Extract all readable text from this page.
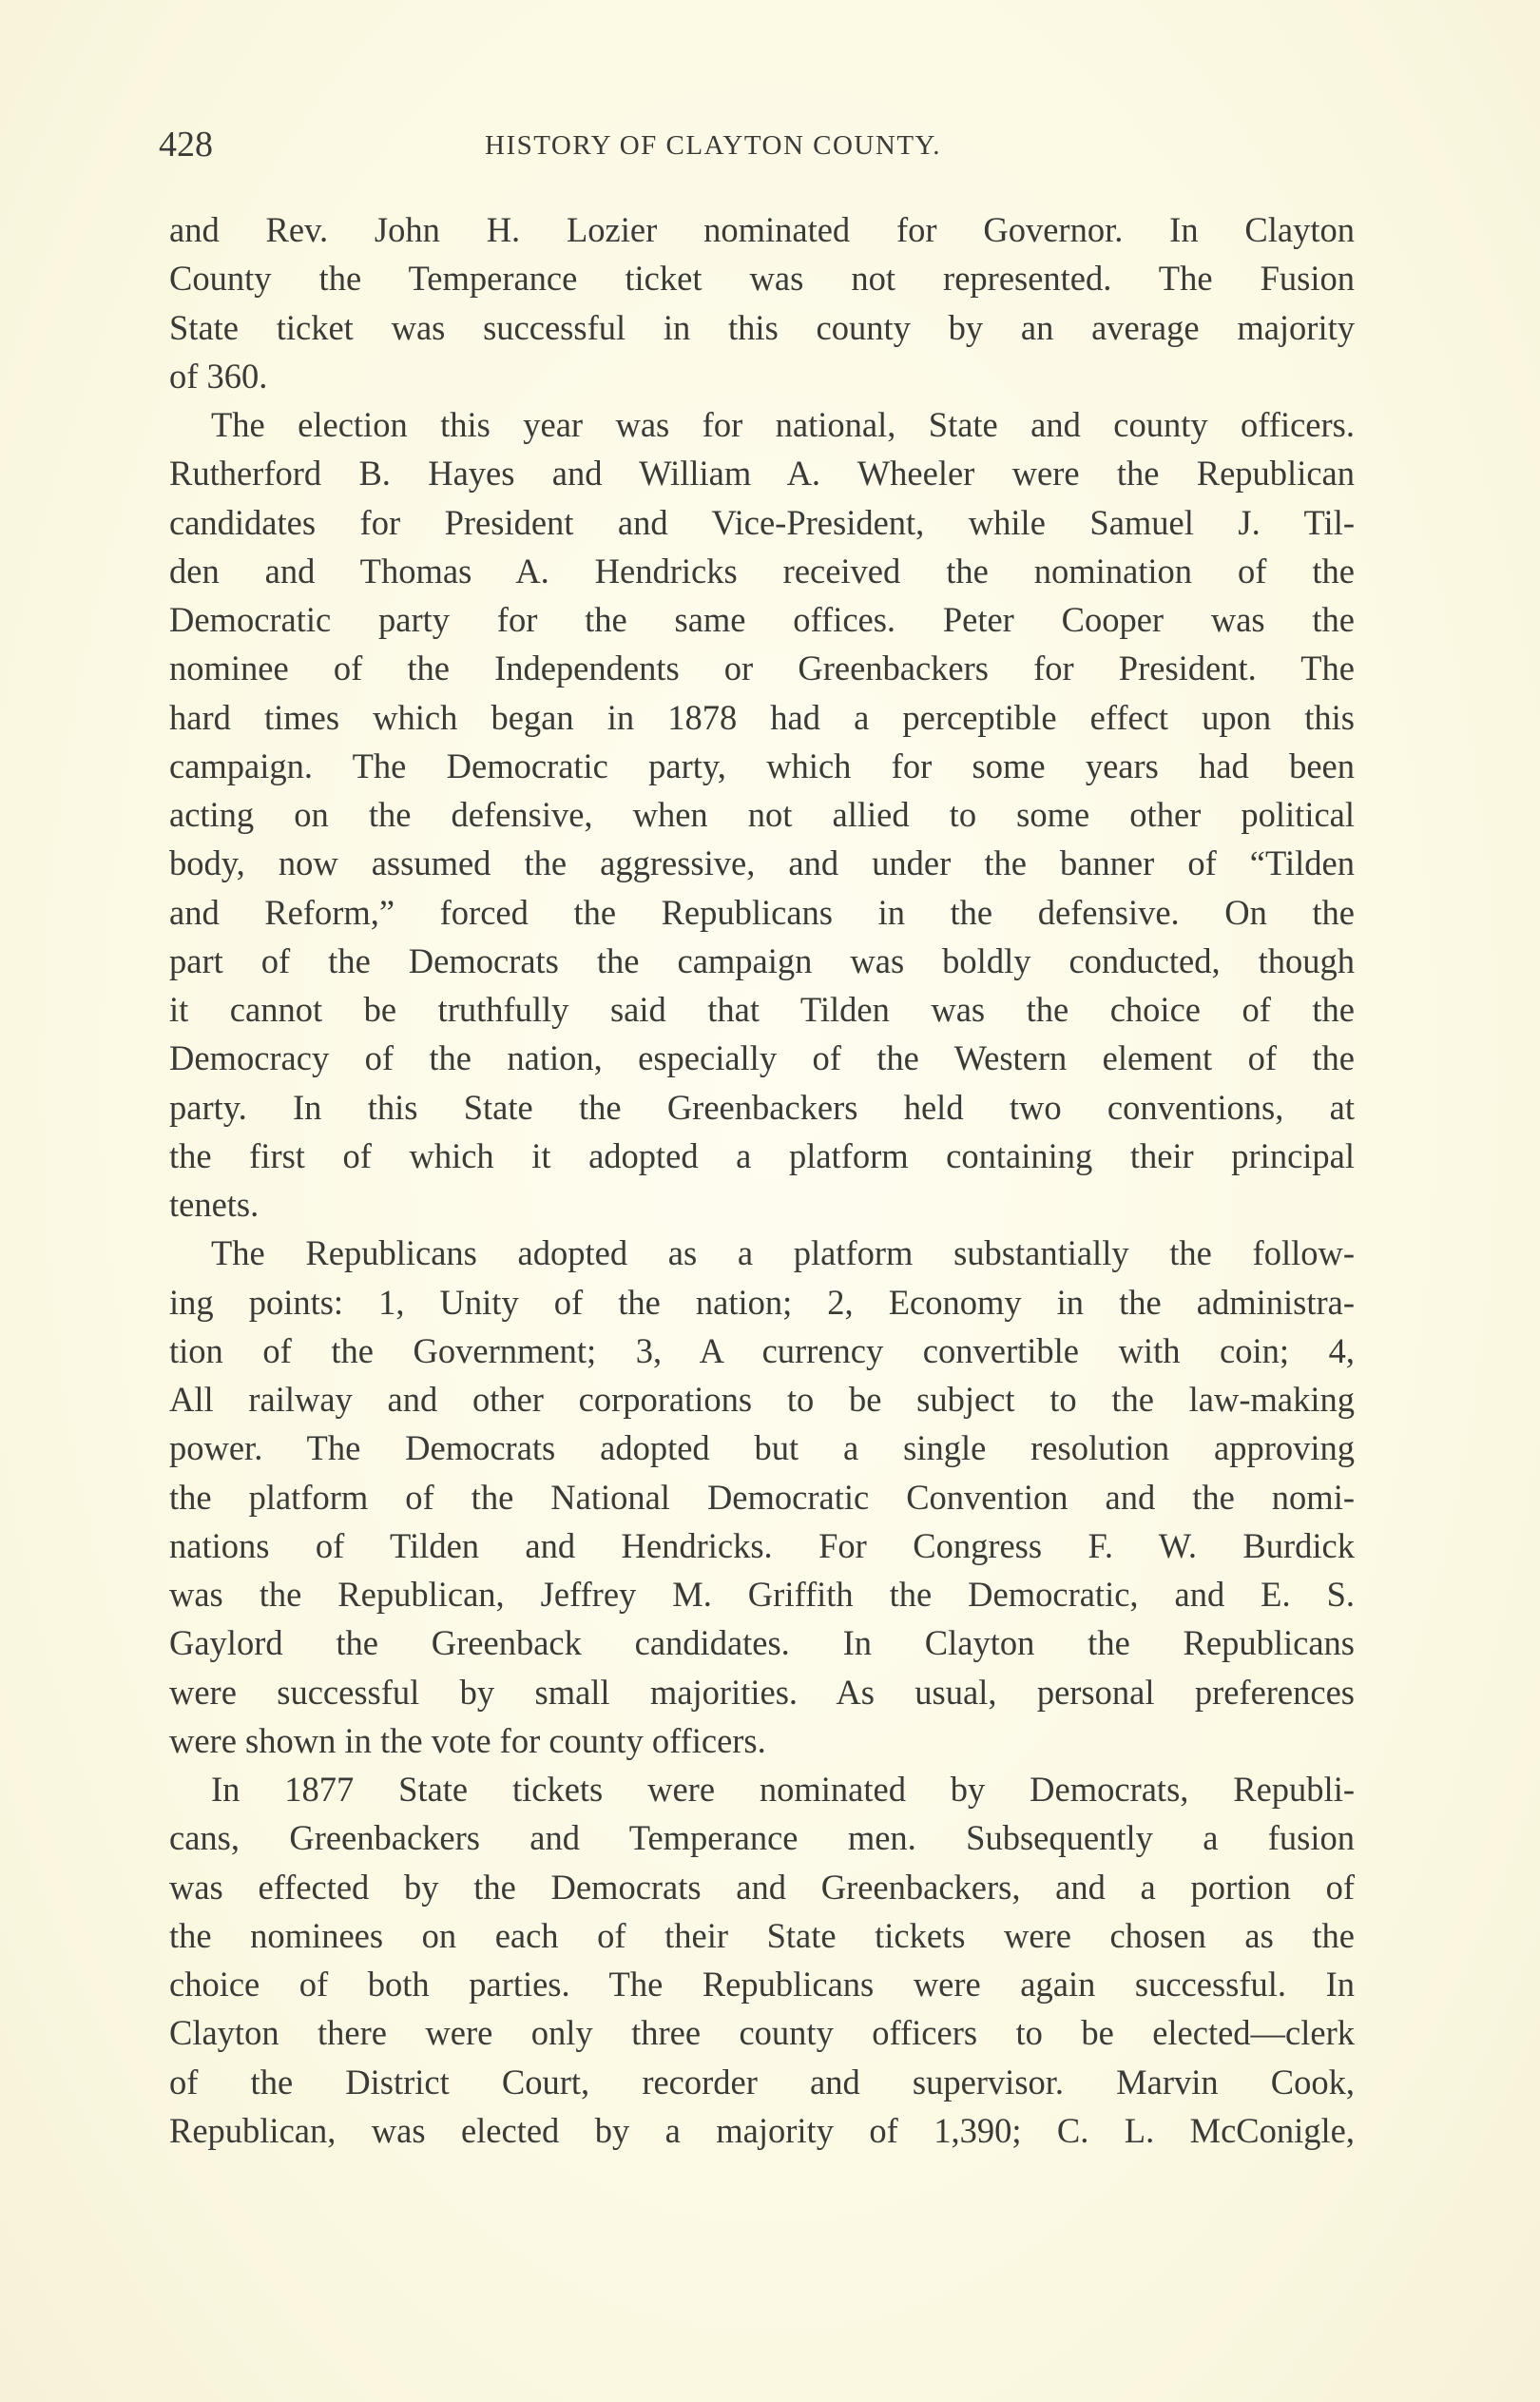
428	HISTORY OF CLAYTON COUNTY.
and Rev. John H. Lozier nominated for Governor. In Clayton
County the Temperance ticket was not represented. The Fusion
State ticket was successful in this county by an average majority
of 360.
The election this year was for national, State and county officers.
Rutherford B. Hayes and William A. Wheeler were the Republican
candidates for President and Vice-President, while Samuel J. Til-
den and Thomas A. Hendricks received the nomination of the
Democratic party for the same offices. Peter Cooper was the
nominee of the Independents or Greenbackers for President. The
hard times which began in 1878 had a perceptible effect upon this
campaign. The Democratic party, which for some years had been
acting on the defensive, when not allied to some other political
body, now assumed the aggressive, and under the banner of “Tilden
and Reform,” forced the Republicans in the defensive. On the
part of the Democrats the campaign was boldly conducted, though
it cannot be truthfully said that Tilden was the choice of the
Democracy of the nation, especially of the Western element of the
party. In this State the Greenbackers held two conventions, at
the first of which it adopted a platform containing their principal
tenets.
The Republicans adopted as a platform substantially the follow-
ing points: 1, Unity of the nation; 2, Economy in the administra-
tion of the Government; 3, A currency convertible with coin; 4,
All railway and other corporations to be subject to the law-making
power. The Democrats adopted but a single resolution approving
the platform of the National Democratic Convention and the nomi-
nations of Tilden and Hendricks. For Congress F. W. Burdick
was the Republican, Jeffrey M. Griffith the Democratic, and E. S.
Gaylord the Greenback candidates. In Clayton the Republicans
were successful by small majorities. As usual, personal preferences
were shown in the vote for county officers.
In 1877 State tickets were nominated by Democrats, Republi-
cans, Greenbackers and Temperance men. Subsequently a fusion
was effected by the Democrats and Greenbackers, and a portion of
the nominees on each of their State tickets were chosen as the
choice of both parties. The Republicans were again successful. In
Clayton there were only three county officers to be elected—clerk
of the District Court, recorder and supervisor. Marvin Cook,
Republican, was elected by a majority of 1,390; C. L. McConigle,
